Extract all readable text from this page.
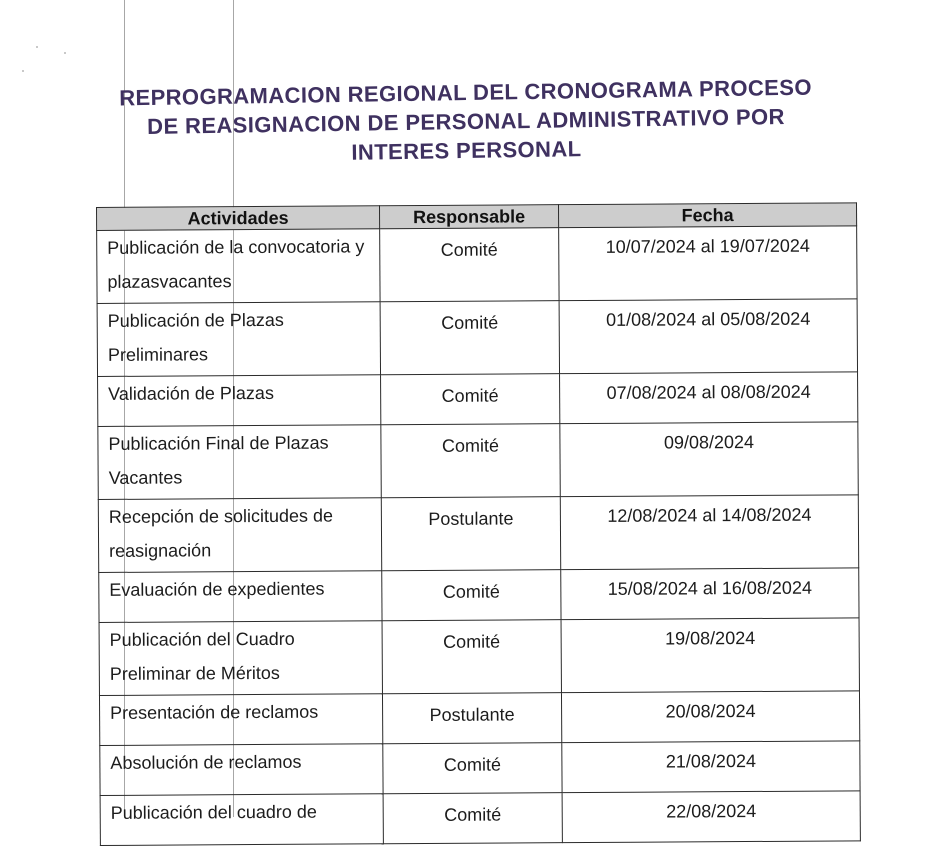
REPROGRAMACION REGIONAL DEL CRONOGRAMA PROCESO
DE REASIGNACION DE PERSONAL ADMINISTRATIVO POR
INTERES PERSONAL
Actividades	Responsable	Fecha
Publicación de la convocatoria y plazasvacantes	Comité	10/07/2024 al 19/07/2024
Publicación de Plazas Preliminares	Comité	01/08/2024 al 05/08/2024
Validación de Plazas	Comité	07/08/2024 al 08/08/2024
Publicación Final de Plazas Vacantes	Comité	09/08/2024
Recepción de solicitudes de reasignación	Postulante	12/08/2024 al 14/08/2024
Evaluación de expedientes	Comité	15/08/2024 al 16/08/2024
Publicación del Cuadro Preliminar de Méritos	Comité	19/08/2024
Presentación de reclamos	Postulante	20/08/2024
Absolución de reclamos	Comité	21/08/2024
Publicación del cuadro de	Comité	22/08/2024
